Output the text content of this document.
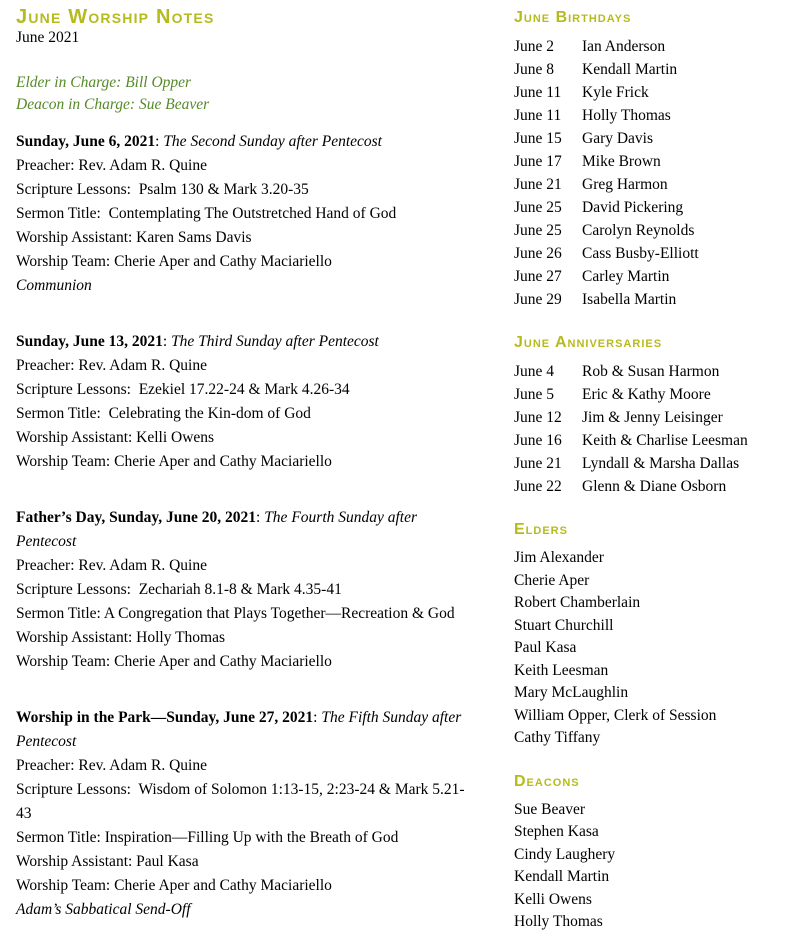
June Worship Notes
June 2021
Elder in Charge: Bill Opper
Deacon in Charge: Sue Beaver
Sunday, June 6, 2021: The Second Sunday after Pentecost
Preacher: Rev. Adam R. Quine
Scripture Lessons:  Psalm 130 & Mark 3.20-35
Sermon Title:  Contemplating The Outstretched Hand of God
Worship Assistant: Karen Sams Davis
Worship Team: Cherie Aper and Cathy Maciariello
Communion
Sunday, June 13, 2021: The Third Sunday after Pentecost
Preacher: Rev. Adam R. Quine
Scripture Lessons:  Ezekiel 17.22-24 & Mark 4.26-34
Sermon Title:  Celebrating the Kin-dom of God
Worship Assistant: Kelli Owens
Worship Team: Cherie Aper and Cathy Maciariello
Father’s Day, Sunday, June 20, 2021: The Fourth Sunday after Pentecost
Preacher: Rev. Adam R. Quine
Scripture Lessons:  Zechariah 8.1-8 & Mark 4.35-41
Sermon Title: A Congregation that Plays Together—Recreation & God
Worship Assistant: Holly Thomas
Worship Team: Cherie Aper and Cathy Maciariello
Worship in the Park—Sunday, June 27, 2021: The Fifth Sunday after Pentecost
Preacher: Rev. Adam R. Quine
Scripture Lessons:  Wisdom of Solomon 1:13-15, 2:23-24 & Mark 5.21-43
Sermon Title: Inspiration—Filling Up with the Breath of God
Worship Assistant: Paul Kasa
Worship Team: Cherie Aper and Cathy Maciariello
Adam’s Sabbatical Send-Off
June Birthdays
June 2	Ian Anderson
June 8	Kendall Martin
June 11	Kyle Frick
June 11	Holly Thomas
June 15	Gary Davis
June 17	Mike Brown
June 21	Greg Harmon
June 25	David Pickering
June 25	Carolyn Reynolds
June 26	Cass Busby-Elliott
June 27	Carley Martin
June 29	Isabella Martin
June Anniversaries
June 4	Rob & Susan Harmon
June 5	Eric & Kathy Moore
June 12	Jim & Jenny Leisinger
June 16	Keith & Charlise Leesman
June 21	Lyndall & Marsha Dallas
June 22	Glenn & Diane Osborn
Elders
Jim Alexander
Cherie Aper
Robert Chamberlain
Stuart Churchill
Paul Kasa
Keith Leesman
Mary McLaughlin
William Opper, Clerk of Session
Cathy Tiffany
Deacons
Sue Beaver
Stephen Kasa
Cindy Laughery
Kendall Martin
Kelli Owens
Holly Thomas
